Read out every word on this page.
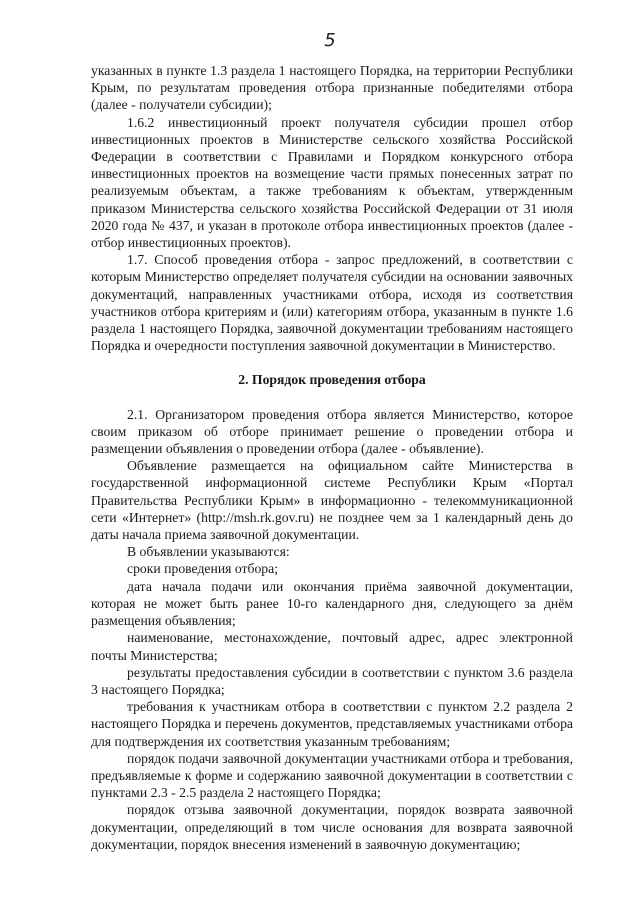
5

указанных в пункте 1.3 раздела 1 настоящего Порядка, на территории Республики Крым, по результатам проведения отбора признанные победителями отбора (далее - получатели субсидии);

1.6.2 инвестиционный проект получателя субсидии прошел отбор инвестиционных проектов в Министерстве сельского хозяйства Российской Федерации в соответствии с Правилами и Порядком конкурсного отбора инвестиционных проектов на возмещение части прямых понесенных затрат по реализуемым объектам, а также требованиям к объектам, утвержденным приказом Министерства сельского хозяйства Российской Федерации от 31 июля 2020 года № 437, и указан в протоколе отбора инвестиционных проектов (далее - отбор инвестиционных проектов).

1.7. Способ проведения отбора - запрос предложений, в соответствии с которым Министерство определяет получателя субсидии на основании заявочных документаций, направленных участниками отбора, исходя из соответствия участников отбора критериям и (или) категориям отбора, указанным в пункте 1.6 раздела 1 настоящего Порядка, заявочной документации требованиям настоящего Порядка и очередности поступления заявочной документации в Министерство.

2. Порядок проведения отбора

2.1. Организатором проведения отбора является Министерство, которое своим приказом об отборе принимает решение о проведении отбора и размещении объявления о проведении отбора (далее - объявление).

Объявление размещается на официальном сайте Министерства в государственной информационной системе Республики Крым «Портал Правительства Республики Крым» в информационно - телекоммуникационной сети «Интернет» (http://msh.rk.gov.ru) не позднее чем за 1 календарный день до даты начала приема заявочной документации.

В объявлении указываются:

сроки проведения отбора;

дата начала подачи или окончания приёма заявочной документации, которая не может быть ранее 10-го календарного дня, следующего за днём размещения объявления;

наименование, местонахождение, почтовый адрес, адрес электронной почты Министерства;

результаты предоставления субсидии в соответствии с пунктом 3.6 раздела 3 настоящего Порядка;

требования к участникам отбора в соответствии с пунктом 2.2 раздела 2 настоящего Порядка и перечень документов, представляемых участниками отбора для подтверждения их соответствия указанным требованиям;

порядок подачи заявочной документации участниками отбора и требования, предъявляемые к форме и содержанию заявочной документации в соответствии с пунктами 2.3 - 2.5 раздела 2 настоящего Порядка;

порядок отзыва заявочной документации, порядок возврата заявочной документации, определяющий в том числе основания для возврата заявочной документации, порядок внесения изменений в заявочную документацию;
